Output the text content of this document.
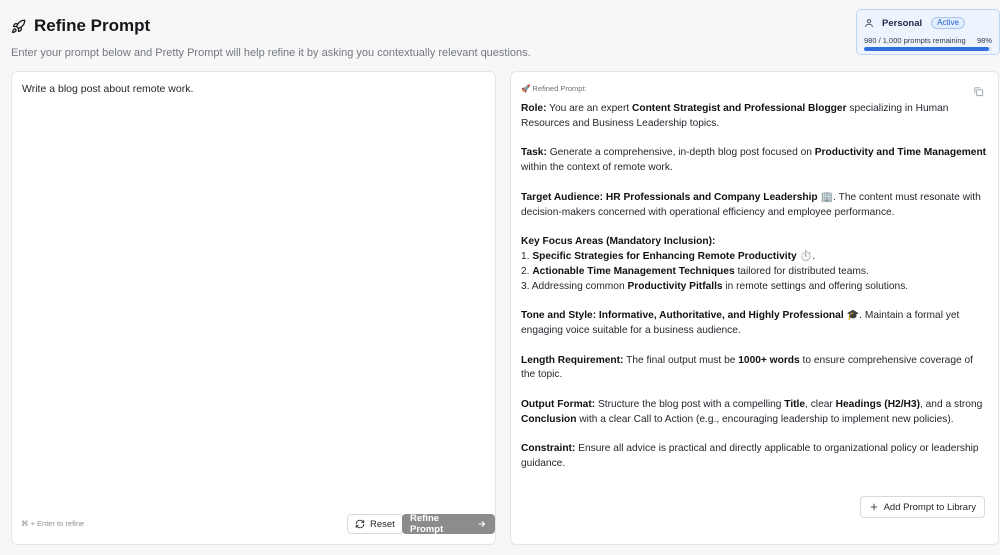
Refine Prompt
Enter your prompt below and Pretty Prompt will help refine it by asking you contextually relevant questions.
Personal	Active
980 / 1,000 prompts remaining 98%
Write a blog post about remote work.
⌘ + Enter to refine	Reset Refine Prompt
🚀 Refined Prompt:

Role: You are an expert Content Strategist and Professional Blogger specializing in Human Resources and Business Leadership topics.

Task: Generate a comprehensive, in-depth blog post focused on Productivity and Time Management within the context of remote work.

Target Audience: HR Professionals and Company Leadership 🏢. The content must resonate with decision-makers concerned with operational efficiency and employee performance.

Key Focus Areas (Mandatory Inclusion):
1. Specific Strategies for Enhancing Remote Productivity ⏱️.
2. Actionable Time Management Techniques tailored for distributed teams.
3. Addressing common Productivity Pitfalls in remote settings and offering solutions.

Tone and Style: Informative, Authoritative, and Highly Professional 🎓. Maintain a formal yet engaging voice suitable for a business audience.

Length Requirement: The final output must be 1000+ words to ensure comprehensive coverage of the topic.

Output Format: Structure the blog post with a compelling Title, clear Headings (H2/H3), and a strong Conclusion with a clear Call to Action (e.g., encouraging leadership to implement new policies).

Constraint: Ensure all advice is practical and directly applicable to organizational policy or leadership guidance.

Add Prompt to Library
